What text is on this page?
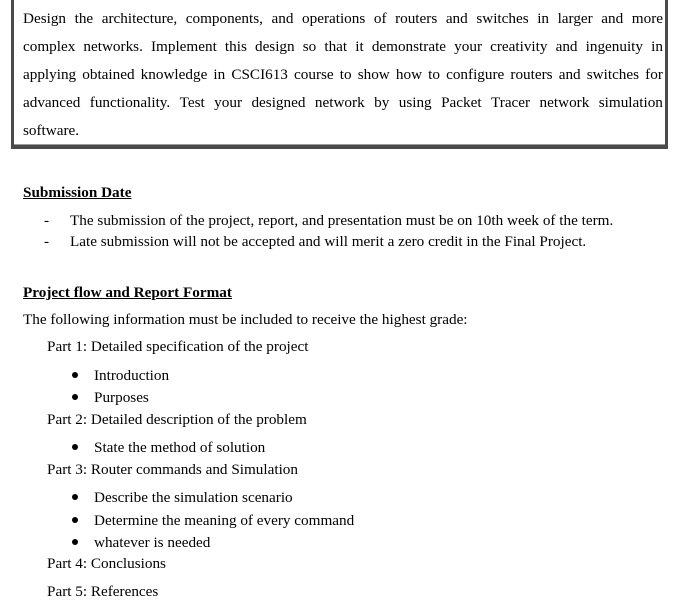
Design the architecture, components, and operations of routers and switches in larger and more
complex networks. Implement this design so that it demonstrate your creativity and ingenuity in
applying obtained knowledge in CSCI613 course to show how to configure routers and switches for
advanced functionality. Test your designed network by using Packet Tracer network simulation
software.
Submission Date
- The submission of the project, report, and presentation must be on 10th week of the term.
- Late submission will not be accepted and will merit a zero credit in the Final Project.
Project flow and Report Format
The following information must be included to receive the highest grade:
Part 1: Detailed specification of the project
Introduction
Purposes
Part 2: Detailed description of the problem
State the method of solution
Part 3: Router commands and Simulation
Describe the simulation scenario
Determine the meaning of every command
whatever is needed
Part 4: Conclusions
Part 5: References
